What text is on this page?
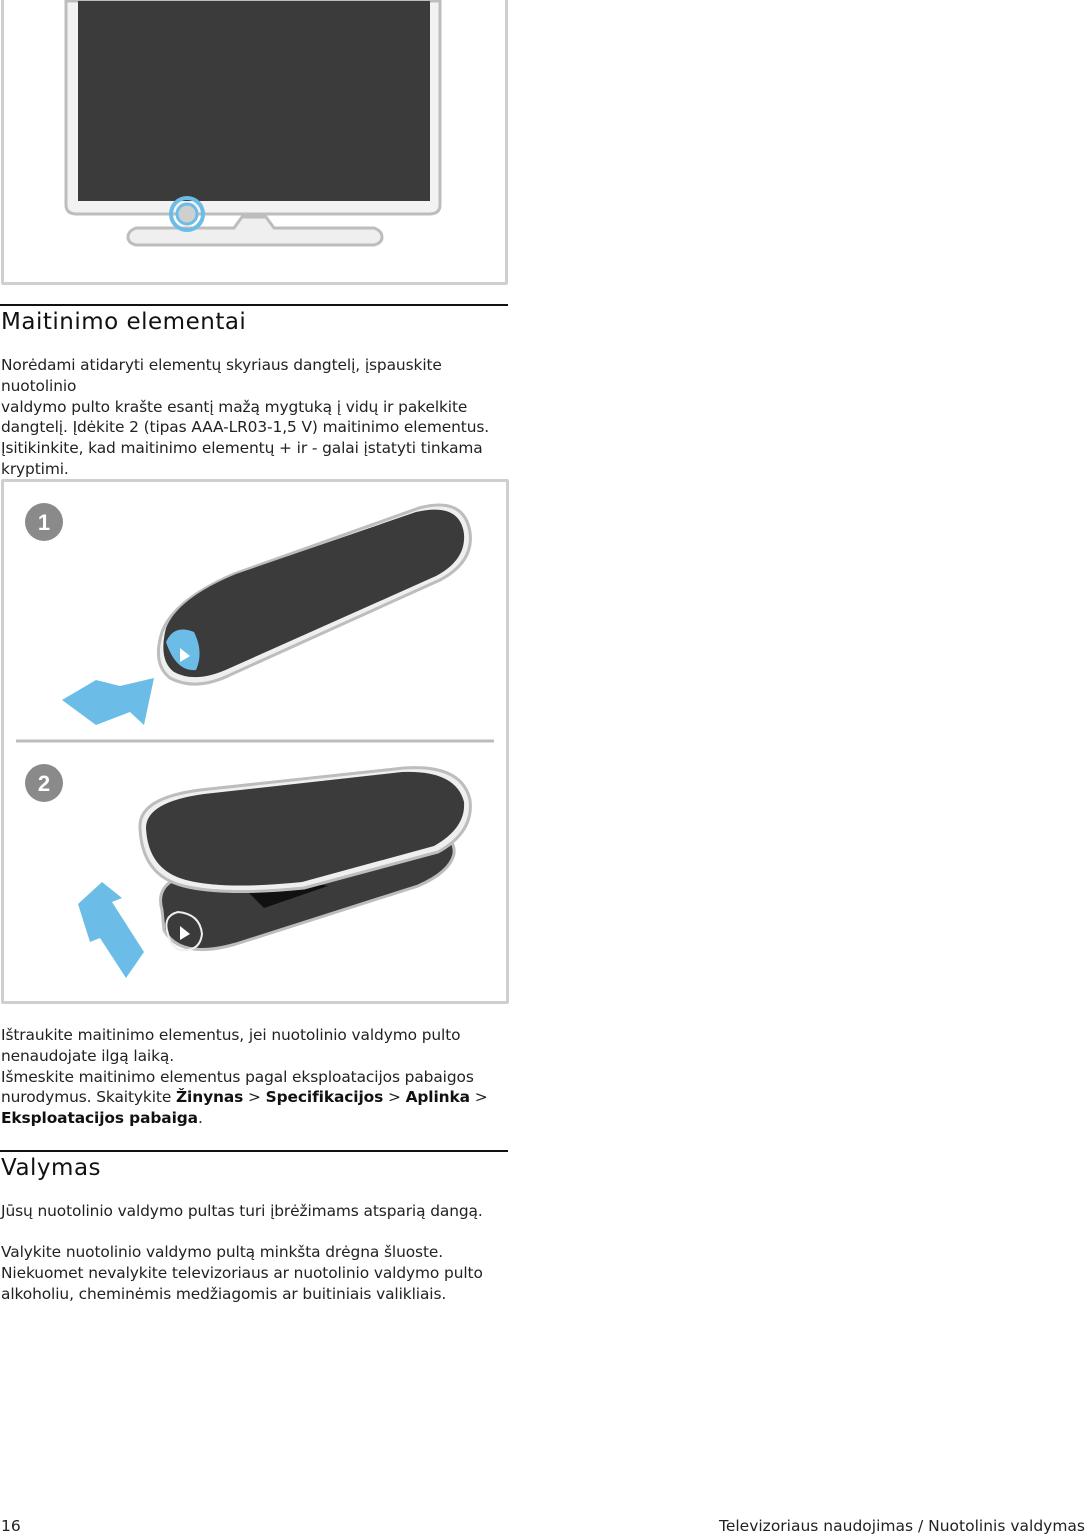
Maitinimo elementai
Norėdami atidaryti elementų skyriaus dangtelį, įspauskite nuotolinio
valdymo pulto krašte esantį mažą mygtuką į vidų ir pakelkite
dangtelį. Įdėkite 2 (tipas AAA-LR03-1,5 V) maitinimo elementus.
Įsitikinkite, kad maitinimo elementų + ir - galai įstatyti tinkama
kryptimi.
1
2
Ištraukite maitinimo elementus, jei nuotolinio valdymo pulto
nenaudojate ilgą laiką.
Išmeskite maitinimo elementus pagal eksploatacijos pabaigos
nurodymus. Skaitykite Žinynas > Specifikacijos > Aplinka >
Eksploatacijos pabaiga.
Valymas
Jūsų nuotolinio valdymo pultas turi įbrėžimams atsparią dangą.
Valykite nuotolinio valdymo pultą minkšta drėgna šluoste.
Niekuomet nevalykite televizoriaus ar nuotolinio valdymo pulto
alkoholiu, cheminėmis medžiagomis ar buitiniais valikliais.
16	Televizoriaus naudojimas / Nuotolinis valdymas
